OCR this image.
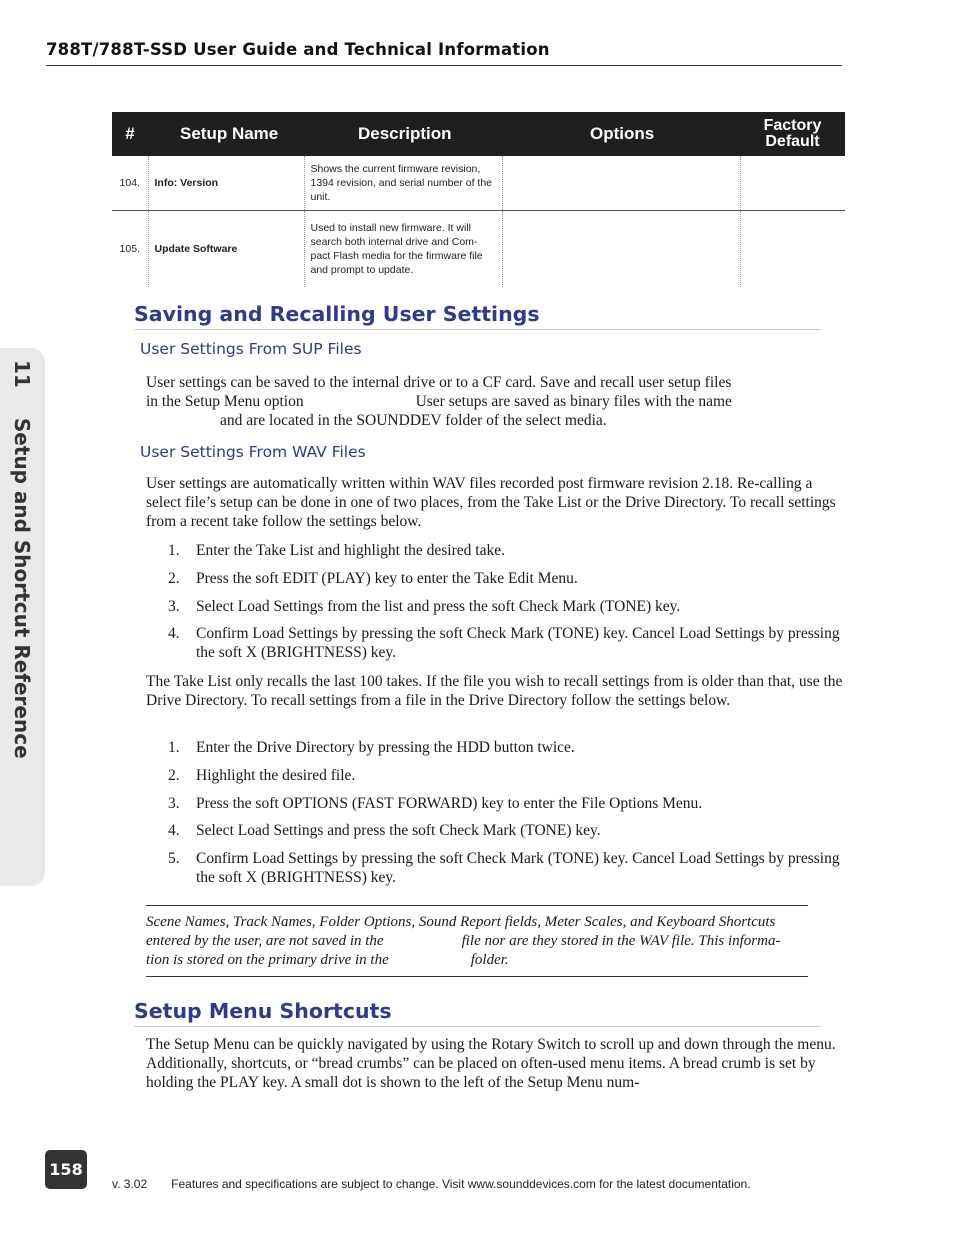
788T/788T-SSD User Guide and Technical Information
11Setup and Shortcut Reference
#	Setup Name	Description	Options	Factory
Default

104.	Info: Version	Shows the current firmware revision, 1394 revision, and serial number of the unit.		
105.	Update Software	Used to install new firmware. It will search both internal drive and Com-pact Flash media for the firmware file and prompt to update.		
Saving and Recalling User Settings
User Settings From SUP Files
User settings can be saved to the internal drive or to a CF card. Save and recall user setup files
in the Setup Menu option	User setups are saved as binary files with the name
and are located in the SOUNDDEV folder of the select media.
User Settings From WAV Files
User settings are automatically written within WAV files recorded post firmware revision 2.18. Re-calling a select file’s setup can be done in one of two places, from the Take List or the Drive Directory. To recall settings from a recent take follow the settings below.
1. Enter the Take List and highlight the desired take.
2. Press the soft EDIT (PLAY) key to enter the Take Edit Menu.
3. Select Load Settings from the list and press the soft Check Mark (TONE) key.
4. Confirm Load Settings by pressing the soft Check Mark (TONE) key. Cancel Load Settings by pressing the soft X (BRIGHTNESS) key.
The Take List only recalls the last 100 takes. If the file you wish to recall settings from is older than that, use the Drive Directory. To recall settings from a file in the Drive Directory follow the settings below.
1. Enter the Drive Directory by pressing the HDD button twice.
2. Highlight the desired file.
3. Press the soft OPTIONS (FAST FORWARD) key to enter the File Options Menu.
4. Select Load Settings and press the soft Check Mark (TONE) key.
5. Confirm Load Settings by pressing the soft Check Mark (TONE) key. Cancel Load Settings by pressing the soft X (BRIGHTNESS) key.
Scene Names, Track Names, Folder Options, Sound Report fields, Meter Scales, and Keyboard Shortcuts
entered by the user, are not saved in the	file nor are they stored in the WAV file. This informa-
tion is stored on the primary drive in the	folder.
Setup Menu Shortcuts
The Setup Menu can be quickly navigated by using the Rotary Switch to scroll up and down through the menu. Additionally, shortcuts, or “bread crumbs” can be placed on often-used menu items. A bread crumb is set by holding the PLAY key. A small dot is shown to the left of the Setup Menu num-
158
v. 3.02 Features and specifications are subject to change. Visit www.sounddevices.com for the latest documentation.
